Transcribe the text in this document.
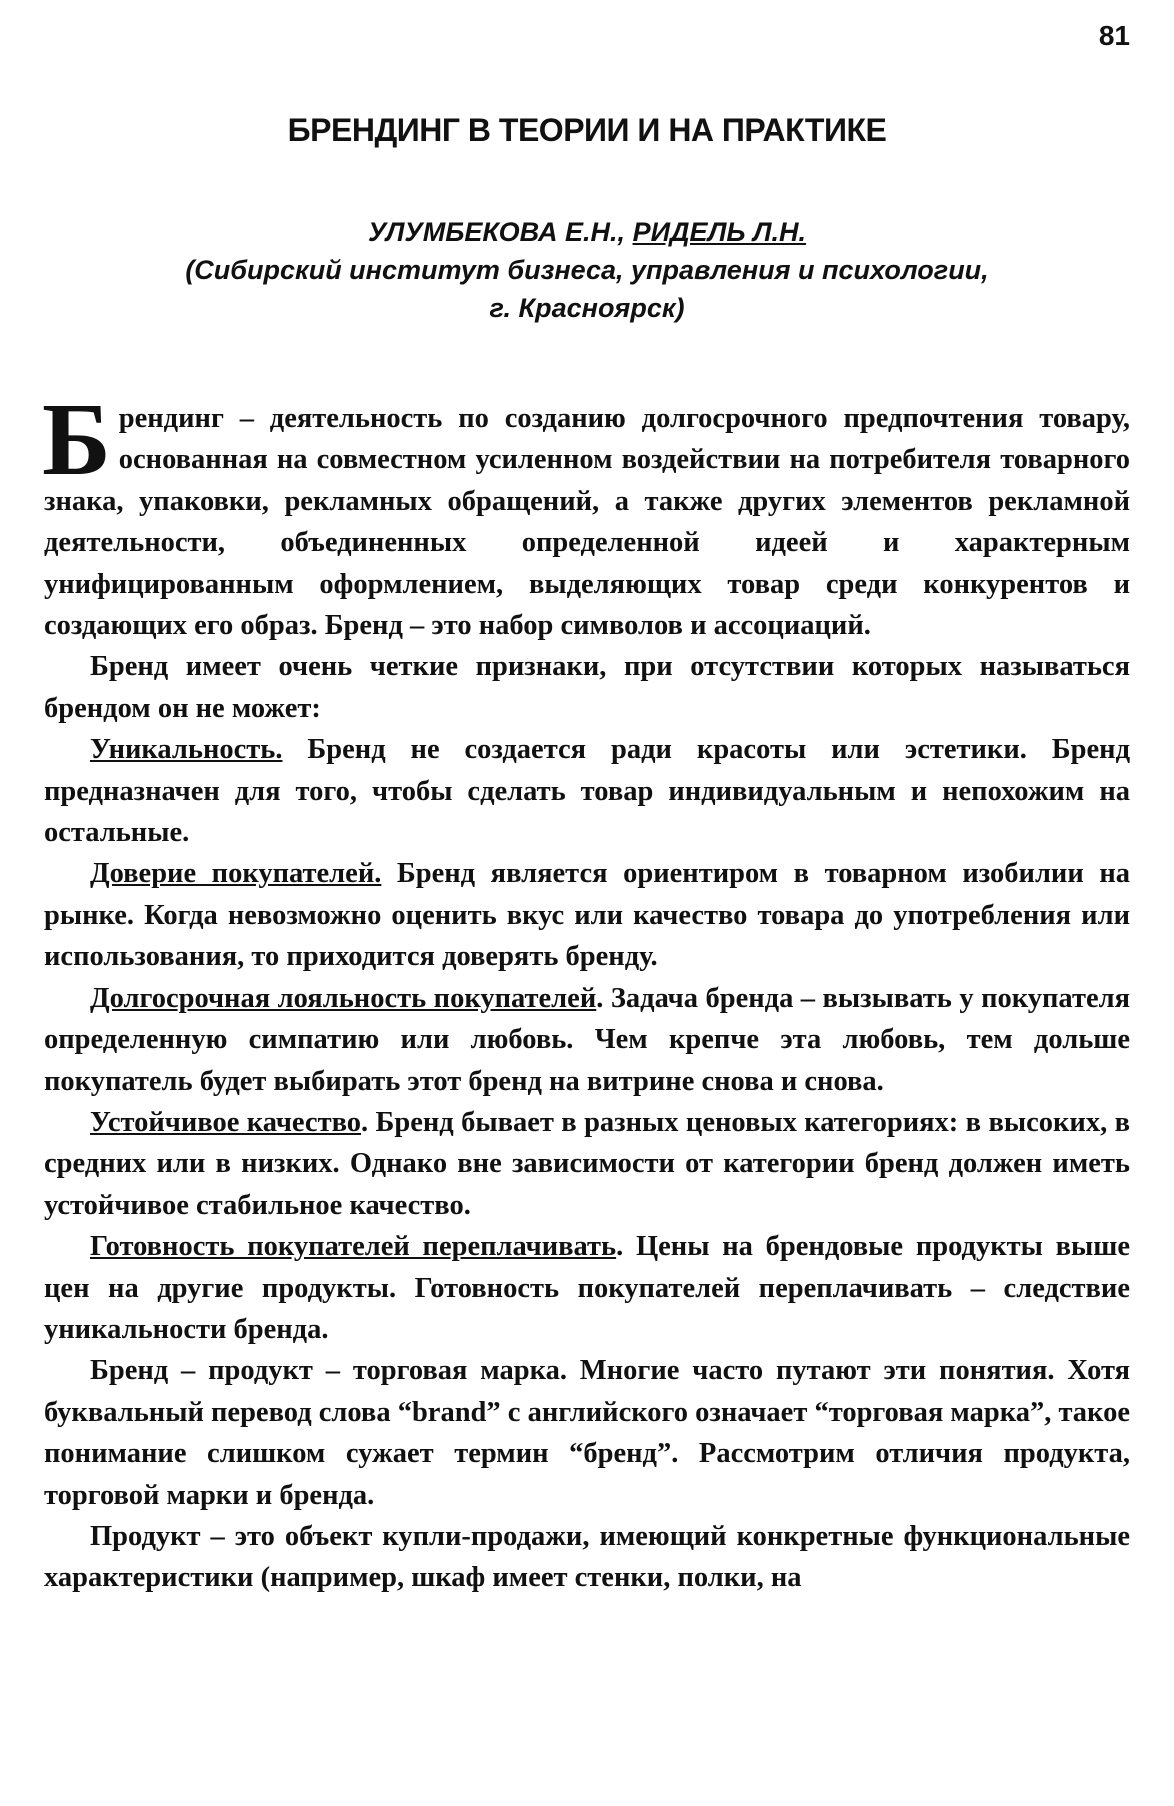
81
БРЕНДИНГ В ТЕОРИИ И НА ПРАКТИКЕ
УЛУМБЕКОВА Е.Н., РИДЕЛЬ Л.Н.
(Сибирский институт бизнеса, управления и психологии,
г. Красноярск)

Брендинг – деятельность по созданию долгосрочного предпочтения товару, основанная на совместном усиленном воздействии на потребителя товарного знака, упаковки, рекламных обращений, а также других элементов рекламной деятельности, объединенных определенной идеей и характерным унифицированным оформлением, выделяющих товар среди конкурентов и создающих его образ. Бренд – это набор символов и ассоциаций.

Бренд имеет очень четкие признаки, при отсутствии которых называться брендом он не может:

Уникальность. Бренд не создается ради красоты или эстетики. Бренд предназначен для того, чтобы сделать товар индивидуальным и непохожим на остальные.

Доверие покупателей. Бренд является ориентиром в товарном изобилии на рынке. Когда невозможно оценить вкус или качество товара до употребления или использования, то приходится доверять бренду.

Долгосрочная лояльность покупателей. Задача бренда – вызывать у покупателя определенную симпатию или любовь. Чем крепче эта любовь, тем дольше покупатель будет выбирать этот бренд на витрине снова и снова.

Устойчивое качество. Бренд бывает в разных ценовых категориях: в высоких, в средних или в низких. Однако вне зависимости от категории бренд должен иметь устойчивое стабильное качество.

Готовность покупателей переплачивать. Цены на брендовые продукты выше цен на другие продукты. Готовность покупателей переплачивать – следствие уникальности бренда.

Бренд – продукт – торговая марка. Многие часто путают эти понятия. Хотя буквальный перевод слова “brand” с английского означает “торговая марка”, такое понимание слишком сужает термин “бренд”. Рассмотрим отличия продукта, торговой марки и бренда.

Продукт – это объект купли-продажи, имеющий конкретные функциональные характеристики (например, шкаф имеет стенки, полки, на
